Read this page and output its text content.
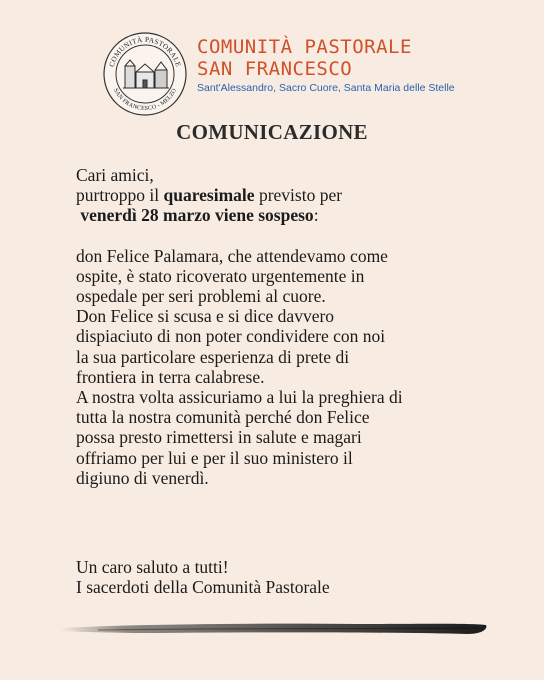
COMUNITÀ PASTORALE
SAN FRANCESCO - MELZO
COMUNITÀ PASTORALE
SAN FRANCESCO
Sant'Alessandro, Sacro Cuore, Santa Maria delle Stelle
COMUNICAZIONE
Cari amici,
purtroppo il quaresimale previsto per
venerdì 28 marzo viene sospeso:
don Felice Palamara, che attendevamo come
ospite, è stato ricoverato urgentemente in
ospedale per seri problemi al cuore.
Don Felice si scusa e si dice davvero
dispiaciuto di non poter condividere con noi
la sua particolare esperienza di prete di
frontiera in terra calabrese.
A nostra volta assicuriamo a lui la preghiera di
tutta la nostra comunità perché don Felice
possa presto rimettersi in salute e magari
offriamo per lui e per il suo ministero il
digiuno di venerdì.
Un caro saluto a tutti!
I sacerdoti della Comunità Pastorale
